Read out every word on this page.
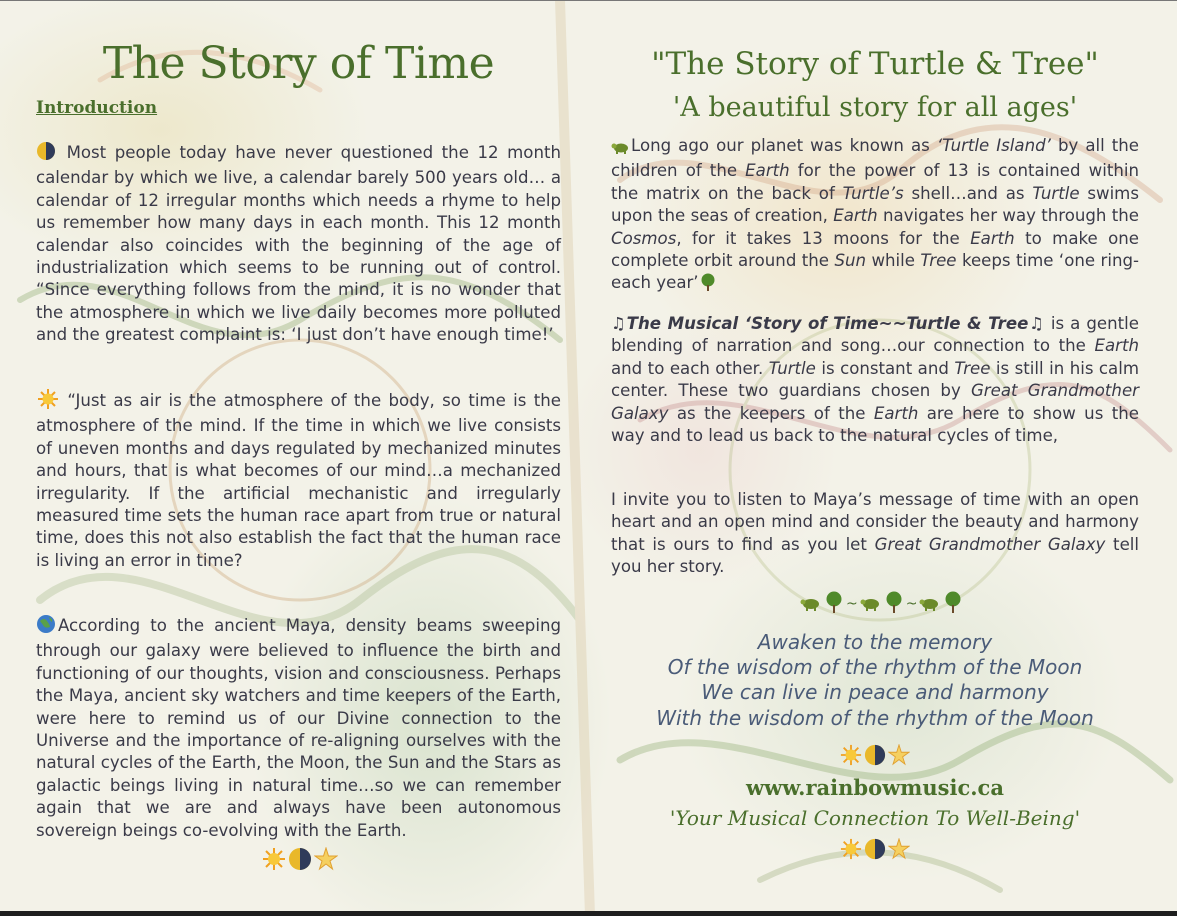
The Story of Time
Introduction

Most people today have never questioned the 12 month calendar by which we live, a calendar barely 500 years old… a calendar of 12 irregular months which needs a rhyme to help us remember how many days in each month. This 12 month calendar also coincides with the beginning of the age of industrialization which seems to be running out of control. “Since everything follows from the mind, it is no wonder that the atmosphere in which we live daily becomes more polluted and the greatest complaint is: ‘I just don’t have enough time!’

“Just as air is the atmosphere of the body, so time is the atmosphere of the mind. If the time in which we live consists of uneven months and days regulated by mechanized minutes and hours, that is what becomes of our mind…a mechanized irregularity. If the artificial mechanistic and irregularly measured time sets the human race apart from true or natural time, does this not also establish the fact that the human race is living an error in time?

According to the ancient Maya, density beams sweeping through our galaxy were believed to influence the birth and functioning of our thoughts, vision and consciousness. Perhaps the Maya, ancient sky watchers and time keepers of the Earth, were here to remind us of our Divine connection to the Universe and the importance of re-aligning ourselves with the natural cycles of the Earth, the Moon, the Sun and the Stars as galactic beings living in natural time…so we can remember again that we are and always have been autonomous sovereign beings co-evolving with the Earth.

"The Story of Turtle & Tree"
'A beautiful story for all ages'

Long ago our planet was known as ‘Turtle Island’ by all the children of the Earth for the power of 13 is contained within the matrix on the back of Turtle’s shell…and as Turtle swims upon the seas of creation, Earth navigates her way through the Cosmos, for it takes 13 moons for the Earth to make one complete orbit around the Sun while Tree keeps time ‘one ring-each year’

♫The Musical ‘Story of Time~~Turtle & Tree♫ is a gentle blending of narration and song…our connection to the Earth and to each other. Turtle is constant and Tree is still in his calm center. These two guardians chosen by Great Grandmother Galaxy as the keepers of the Earth are here to show us the way and to lead us back to the natural cycles of time,

I invite you to listen to Maya’s message of time with an open heart and an open mind and consider the beauty and harmony that is ours to find as you let Great Grandmother Galaxy tell you her story.

~	~
Awaken to the memory
Of the wisdom of the rhythm of the Moon
We can live in peace and harmony
With the wisdom of the rhythm of the Moon
www.rainbowmusic.ca
'Your Musical Connection To Well-Being'
